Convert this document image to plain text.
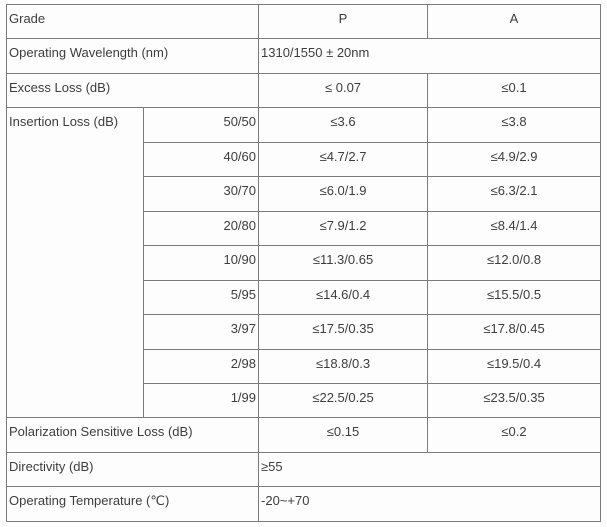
Grade		P	A
Operating Wavelength (nm)		1310/1550 ± 20nm	
Excess Loss (dB)		≤ 0.07	≤0.1
Insertion Loss (dB)	50/50	≤3.6	≤3.8
	40/60	≤4.7/2.7	≤4.9/2.9
	30/70	≤6.0/1.9	≤6.3/2.1
	20/80	≤7.9/1.2	≤8.4/1.4
	10/90	≤11.3/0.65	≤12.0/0.8
	5/95	≤14.6/0.4	≤15.5/0.5
	3/97	≤17.5/0.35	≤17.8/0.45
	2/98	≤18.8/0.3	≤19.5/0.4
	1/99	≤22.5/0.25	≤23.5/0.35
Polarization Sensitive Loss (dB)		≤0.15	≤0.2
Directivity (dB)		≥55	
Operating Temperature (℃)		-20~+70	
